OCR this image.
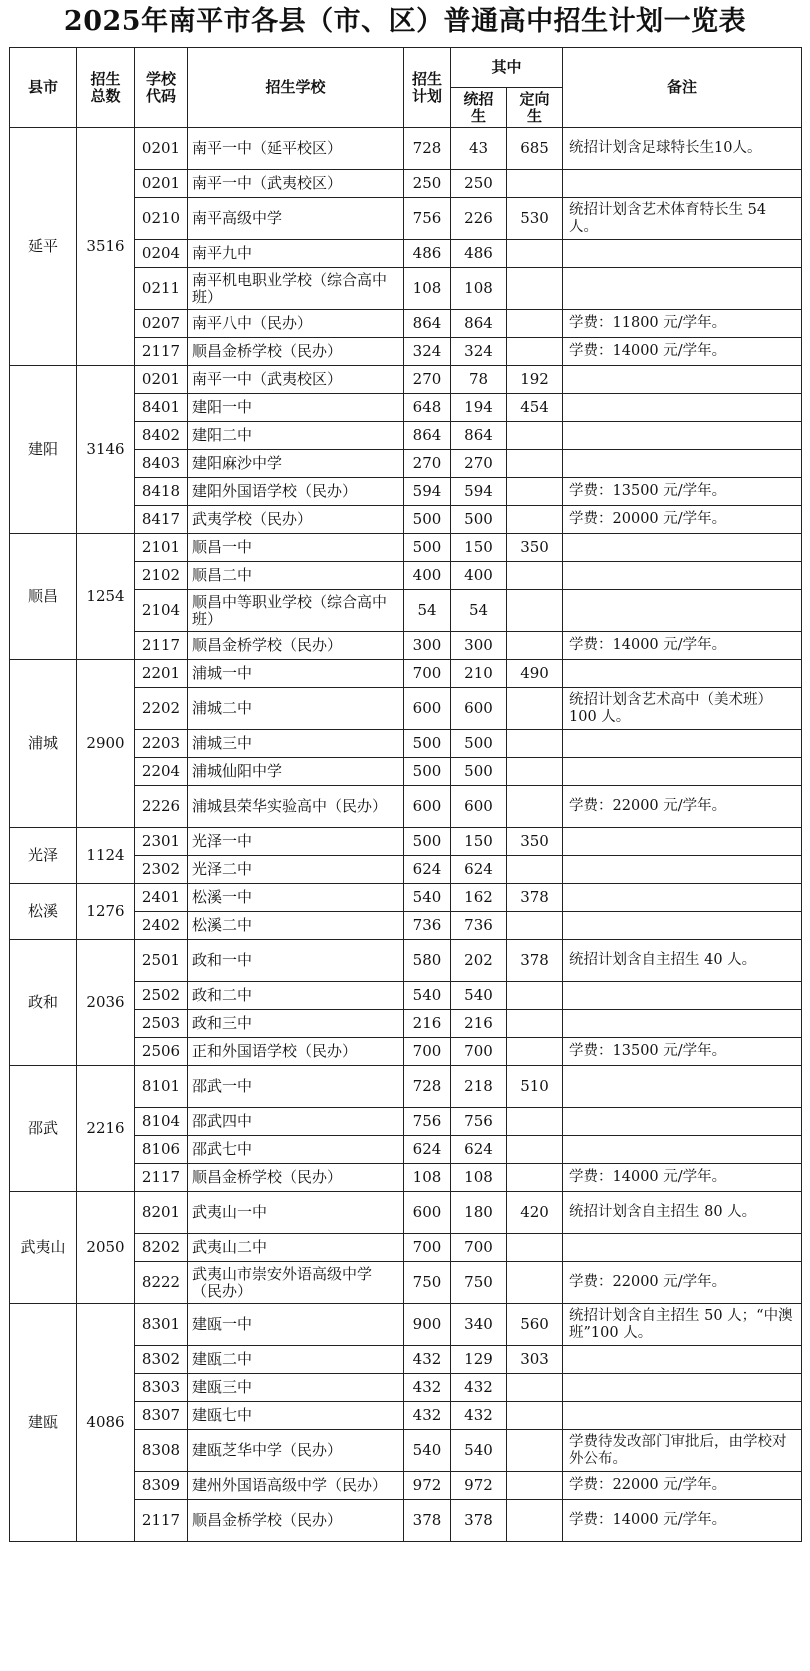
2025年南平市各县（市、区）普通高中招生计划一览表
县市	招生总数	学校代码	招生学校	招生计划	其中		备注

					统招生	定向生	

延平	3516	0201	南平一中（延平校区）	728	43	685	统招计划含足球特长生10人。
		0201	南平一中（武夷校区）	250	250		
		0210	南平高级中学	756	226	530	统招计划含艺术体育特长生 54 人。
		0204	南平九中	486	486		
		0211	南平机电职业学校（综合高中班）	108	108		
		0207	南平八中（民办）	864	864		学费：11800 元/学年。
		2117	顺昌金桥学校（民办）	324	324		学费：14000 元/学年。
建阳	3146	0201	南平一中（武夷校区）	270	78	192	
		8401	建阳一中	648	194	454	
		8402	建阳二中	864	864		
		8403	建阳麻沙中学	270	270		
		8418	建阳外国语学校（民办）	594	594		学费：13500 元/学年。
		8417	武夷学校（民办）	500	500		学费：20000 元/学年。
顺昌	1254	2101	顺昌一中	500	150	350	
		2102	顺昌二中	400	400		
		2104	顺昌中等职业学校（综合高中班）	54	54		
		2117	顺昌金桥学校（民办）	300	300		学费：14000 元/学年。
浦城	2900	2201	浦城一中	700	210	490	
		2202	浦城二中	600	600		统招计划含艺术高中（美术班）100 人。
		2203	浦城三中	500	500		
		2204	浦城仙阳中学	500	500		
		2226	浦城县荣华实验高中（民办）	600	600		学费：22000 元/学年。
光泽	1124	2301	光泽一中	500	150	350	
		2302	光泽二中	624	624		
松溪	1276	2401	松溪一中	540	162	378	
		2402	松溪二中	736	736		
政和	2036	2501	政和一中	580	202	378	统招计划含自主招生 40 人。
		2502	政和二中	540	540		
		2503	政和三中	216	216		
		2506	正和外国语学校（民办）	700	700		学费：13500 元/学年。
邵武	2216	8101	邵武一中	728	218	510	
		8104	邵武四中	756	756		
		8106	邵武七中	624	624		
		2117	顺昌金桥学校（民办）	108	108		学费：14000 元/学年。
武夷山	2050	8201	武夷山一中	600	180	420	统招计划含自主招生 80 人。
		8202	武夷山二中	700	700		
		8222	武夷山市崇安外语高级中学（民办）	750	750		学费：22000 元/学年。
建瓯	4086	8301	建瓯一中	900	340	560	统招计划含自主招生 50 人；“中澳班”100 人。
		8302	建瓯二中	432	129	303	
		8303	建瓯三中	432	432		
		8307	建瓯七中	432	432		
		8308	建瓯芝华中学（民办）	540	540		学费待发改部门审批后，由学校对外公布。
		8309	建州外国语高级中学（民办）	972	972		学费：22000 元/学年。
		2117	顺昌金桥学校（民办）	378	378		学费：14000 元/学年。
